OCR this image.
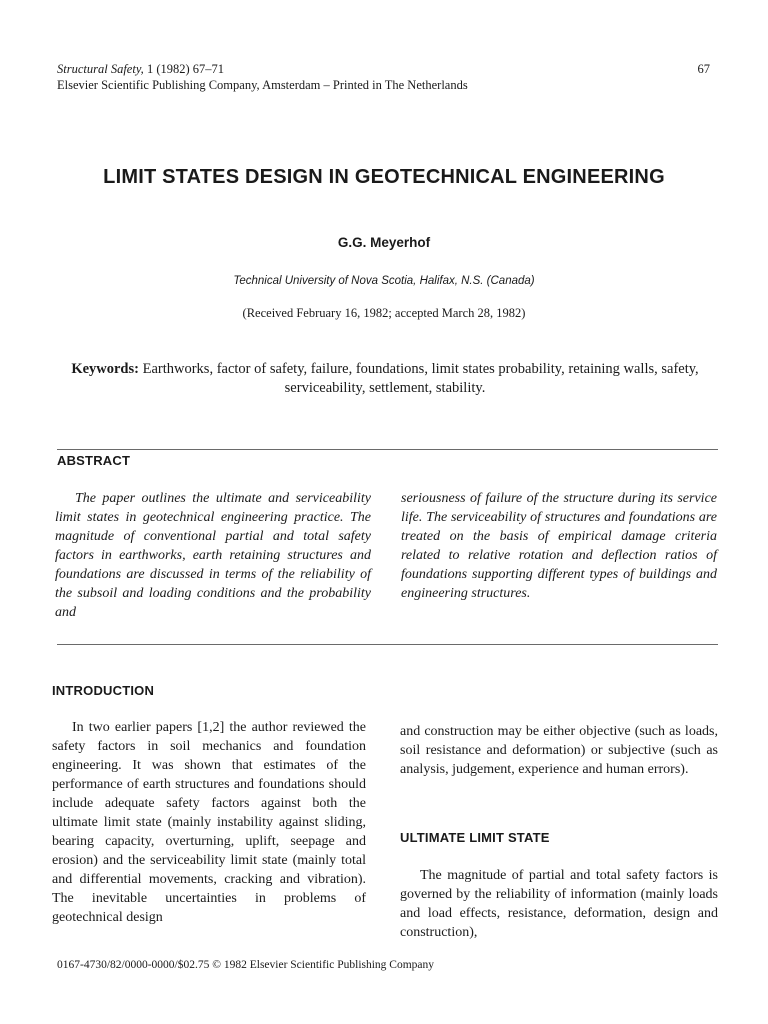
Structural Safety, 1 (1982) 67–71
Elsevier Scientific Publishing Company, Amsterdam – Printed in The Netherlands
67
LIMIT STATES DESIGN IN GEOTECHNICAL ENGINEERING
G.G. Meyerhof
Technical University of Nova Scotia, Halifax, N.S. (Canada)
(Received February 16, 1982; accepted March 28, 1982)
Keywords: Earthworks, factor of safety, failure, foundations, limit states probability, retaining walls, safety, serviceability, settlement, stability.
ABSTRACT

The paper outlines the ultimate and serviceability limit states in geotechnical engineering practice. The magnitude of conventional partial and total safety factors in earthworks, earth retaining structures and foundations are discussed in terms of the reliability of the subsoil and loading conditions and the probability and

seriousness of failure of the structure during its service life. The serviceability of structures and foundations are treated on the basis of empirical damage criteria related to relative rotation and deflection ratios of foundations supporting different types of buildings and engineering structures.

INTRODUCTION

In two earlier papers [1,2] the author reviewed the safety factors in soil mechanics and foundation engineering. It was shown that estimates of the performance of earth structures and foundations should include adequate safety factors against both the ultimate limit state (mainly instability against sliding, bearing capacity, overturning, uplift, seepage and erosion) and the serviceability limit state (mainly total and differential movements, cracking and vibration). The inevitable uncertainties in problems of geotechnical design

and construction may be either objective (such as loads, soil resistance and deformation) or subjective (such as analysis, judgement, experience and human errors).

ULTIMATE LIMIT STATE

The magnitude of partial and total safety factors is governed by the reliability of information (mainly loads and load effects, resistance, deformation, design and construction),

0167-4730/82/0000-0000/$02.75 © 1982 Elsevier Scientific Publishing Company
